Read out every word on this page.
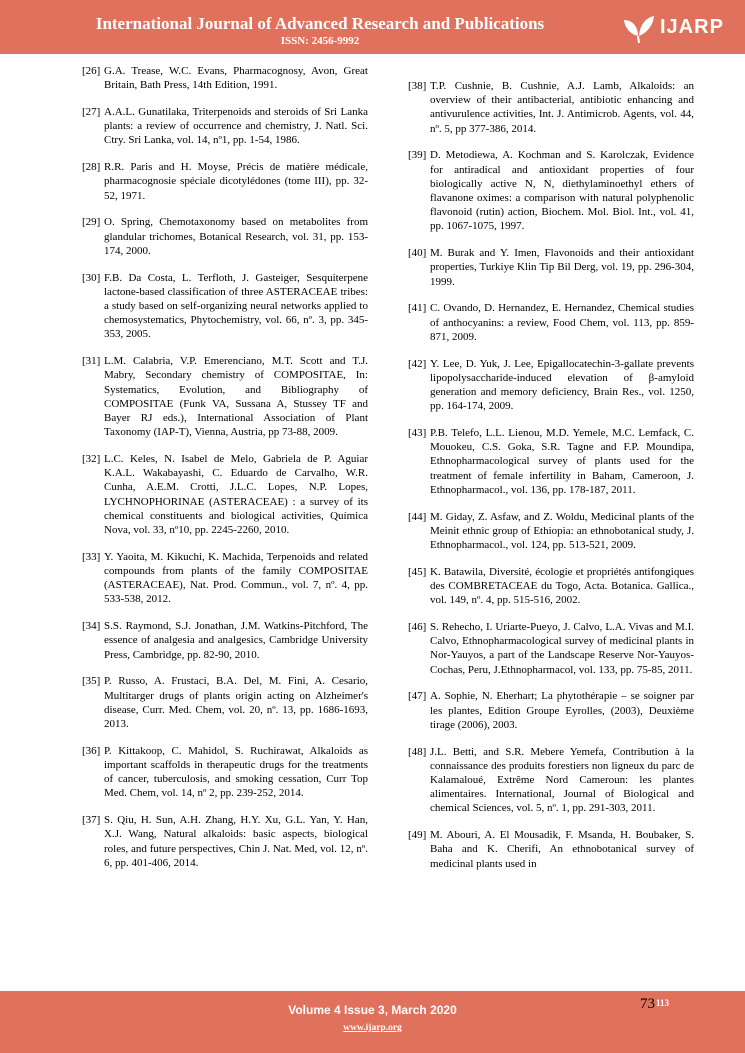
International Journal of Advanced Research and Publications
ISSN: 2456-9992
IJARP
[26] G.A. Trease, W.C. Evans, Pharmacognosy, Avon, Great Britain, Bath Press, 14th Edition, 1991.
[27] A.A.L. Gunatilaka, Triterpenoids and steroids of Sri Lanka plants: a review of occurrence and chemistry, J. Natl. Sci. Ctry. Sri Lanka, vol. 14, nº1, pp. 1-54, 1986.
[28] R.R. Paris and H. Moyse, Précis de matière médicale, pharmacognosie spéciale dicotylédones (tome III), pp. 32-52, 1971.
[29] O. Spring, Chemotaxonomy based on metabolites from glandular trichomes, Botanical Research, vol. 31, pp. 153-174, 2000.
[30] F.B. Da Costa, L. Terfloth, J. Gasteiger, Sesquiterpene lactone-based classification of three ASTERACEAE tribes: a study based on self-organizing neural networks applied to chemosystematics, Phytochemistry, vol. 66, nº. 3, pp. 345-353, 2005.
[31] L.M. Calabria, V.P. Emerenciano, M.T. Scott and T.J. Mabry, Secondary chemistry of COMPOSITAE, In: Systematics, Evolution, and Bibliography of COMPOSITAE (Funk VA, Sussana A, Stussey TF and Bayer RJ eds.), International Association of Plant Taxonomy (IAP-T), Vienna, Austria, pp 73-88, 2009.
[32] L.C. Keles, N. Isabel de Melo, Gabriela de P. Aguiar K.A.L. Wakabayashi, C. Eduardo de Carvalho, W.R. Cunha, A.E.M. Crotti, J.L.C. Lopes, N.P. Lopes, LYCHNOPHORINAE (ASTERACEAE) : a survey of its chemical constituents and biological activities, Química Nova, vol. 33, nº10, pp. 2245-2260, 2010.
[33] Y. Yaoita, M. Kikuchi, K. Machida, Terpenoids and related compounds from plants of the family COMPOSITAE (ASTERACEAE), Nat. Prod. Commun., vol. 7, nº. 4, pp. 533-538, 2012.
[34] S.S. Raymond, S.J. Jonathan, J.M. Watkins-Pitchford, The essence of analgesia and analgesics, Cambridge University Press, Cambridge, pp. 82-90, 2010.
[35] P. Russo, A. Frustaci, B.A. Del, M. Fini, A. Cesario, Multitarger drugs of plants origin acting on Alzheimer's disease, Curr. Med. Chem, vol. 20, nº. 13, pp. 1686-1693, 2013.
[36] P. Kittakoop, C. Mahidol, S. Ruchirawat, Alkaloids as important scaffolds in therapeutic drugs for the treatments of cancer, tuberculosis, and smoking cessation, Curr Top Med. Chem, vol. 14, nº 2, pp. 239-252, 2014.
[37] S. Qiu, H. Sun, A.H. Zhang, H.Y. Xu, G.L. Yan, Y. Han, X.J. Wang, Natural alkaloids: basic aspects, biological roles, and future perspectives, Chin J. Nat. Med, vol. 12, nº. 6, pp. 401-406, 2014.
[38] T.P. Cushnie, B. Cushnie, A.J. Lamb, Alkaloids: an overview of their antibacterial, antibiotic enhancing and antivurulence activities, Int. J. Antimicrob. Agents, vol. 44, nº. 5, pp 377-386, 2014.
[39] D. Metodiewa, A. Kochman and S. Karolczak, Evidence for antiradical and antioxidant properties of four biologically active N, N, diethylaminoethyl ethers of flavanone oximes: a comparison with natural polyphenolic flavonoid (rutin) action, Biochem. Mol. Biol. Int., vol. 41, pp. 1067-1075, 1997.
[40] M. Burak and Y. Imen, Flavonoids and their antioxidant properties, Turkiye Klin Tip Bil Derg, vol. 19, pp. 296-304, 1999.
[41] C. Ovando, D. Hernandez, E. Hernandez, Chemical studies of anthocyanins: a review, Food Chem, vol. 113, pp. 859-871, 2009.
[42] Y. Lee, D. Yuk, J. Lee, Epigallocatechin-3-gallate prevents lipopolysaccharide-induced elevation of β-amyloid generation and memory deficiency, Brain Res., vol. 1250, pp. 164-174, 2009.
[43] P.B. Telefo, L.L. Lienou, M.D. Yemele, M.C. Lemfack, C. Mouokeu, C.S. Goka, S.R. Tagne and F.P. Moundipa, Ethnopharmacological survey of plants used for the treatment of female infertility in Baham, Cameroon, J. Ethnopharmacol., vol. 136, pp. 178-187, 2011.
[44] M. Giday, Z. Asfaw, and Z. Woldu, Medicinal plants of the Meinit ethnic group of Ethiopia: an ethnobotanical study, J. Ethnopharmacol., vol. 124, pp. 513-521, 2009.
[45] K. Batawila, Diversité, écologie et propriétés antifongiques des COMBRETACEAE du Togo, Acta. Botanica. Gallica., vol. 149, nº. 4, pp. 515-516, 2002.
[46] S. Rehecho, I. Uriarte-Pueyo, J. Calvo, L.A. Vivas and M.I. Calvo, Ethnopharmacological survey of medicinal plants in Nor-Yauyos, a part of the Landscape Reserve Nor-Yauyos-Cochas, Peru, J.Ethnopharmacol, vol. 133, pp. 75-85, 2011.
[47] A. Sophie, N. Eherhart; La phytothérapie – se soigner par les plantes, Edition Groupe Eyrolles, (2003), Deuxième tirage (2006), 2003.
[48] J.L. Betti, and S.R. Mebere Yemefa, Contribution à la connaissance des produits forestiers non ligneux du parc de Kalamaloué, Extrême Nord Cameroun: les plantes alimentaires. International, Journal of Biological and chemical Sciences, vol. 5, nº. 1, pp. 291-303, 2011.
[49] M. Abouri, A. El Mousadik, F. Msanda, H. Boubaker, S. Baha and K. Cherifi, An ethnobotanical survey of medicinal plants used in
Volume 4 Issue 3, March 2020
www.ijarp.org
73113
